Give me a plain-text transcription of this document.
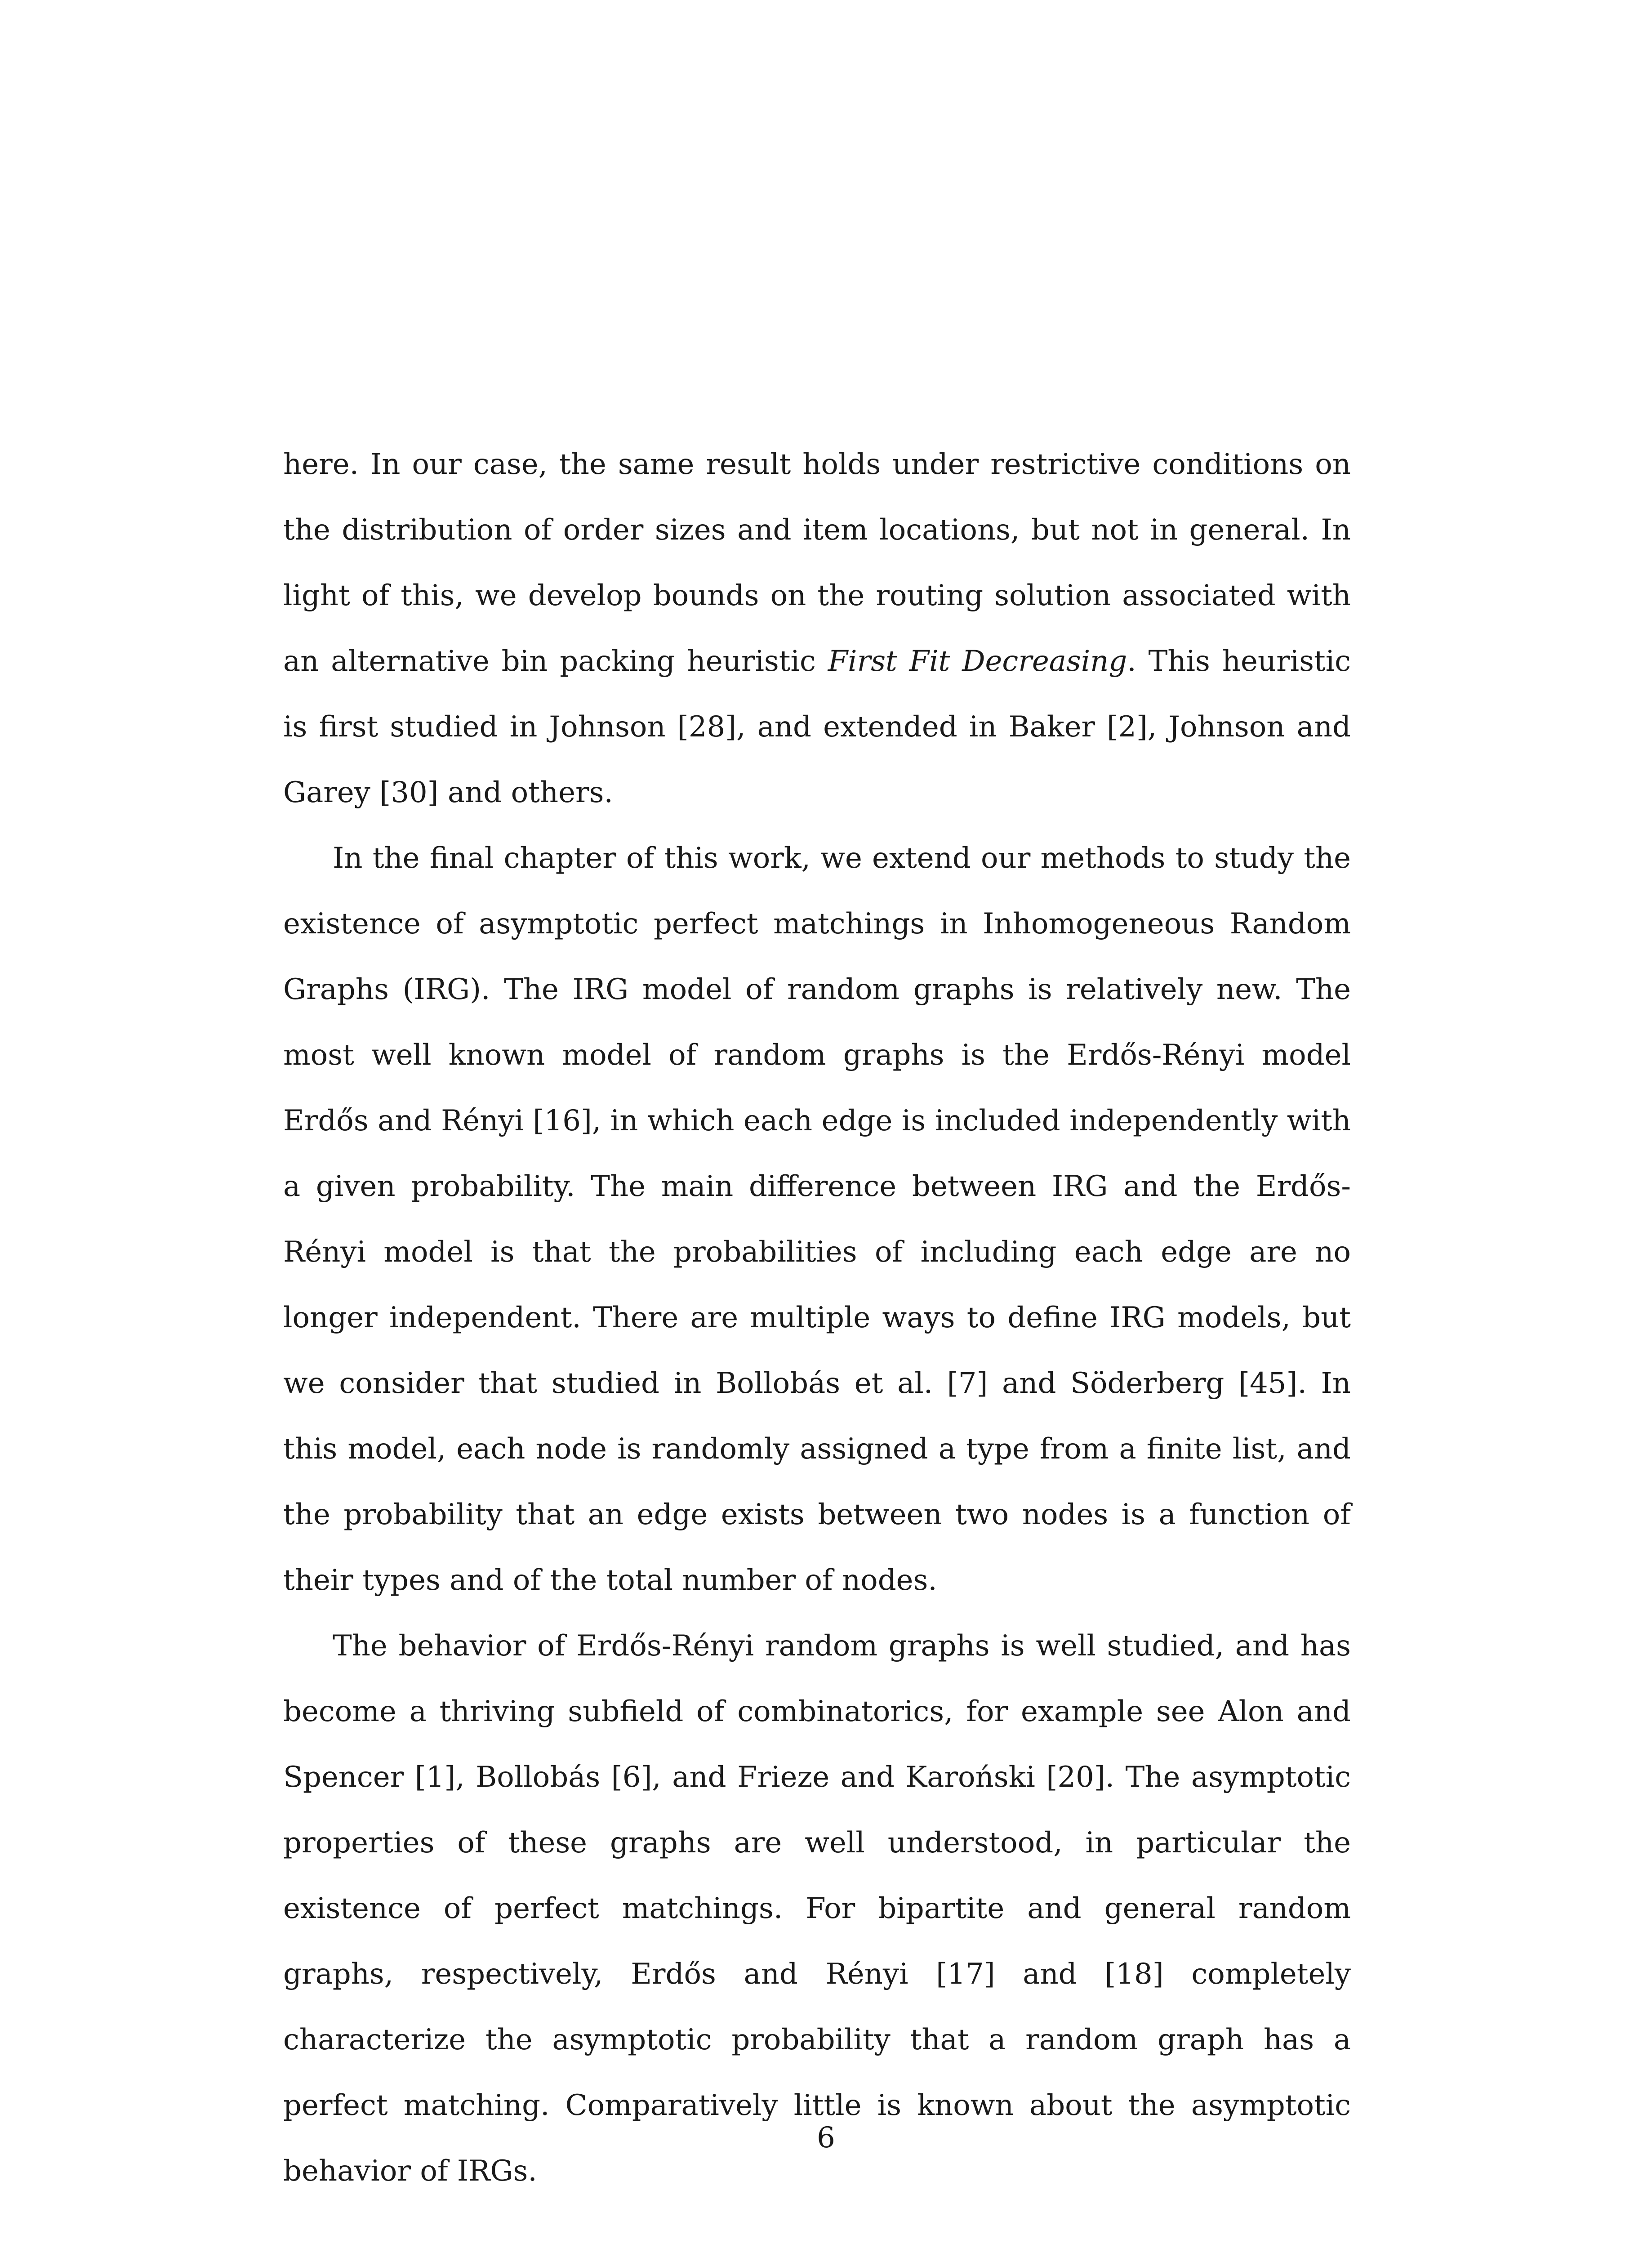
here. In our case, the same result holds under restrictive conditions on the distribution of order sizes and item locations, but not in general. In light of this, we develop bounds on the routing solution associated with an alternative bin packing heuristic First Fit Decreasing. This heuristic is first studied in Johnson [28], and extended in Baker [2], Johnson and Garey [30] and others.

In the final chapter of this work, we extend our methods to study the existence of asymptotic perfect matchings in Inhomogeneous Random Graphs (IRG). The IRG model of random graphs is relatively new. The most well known model of random graphs is the Erdős-Rényi model Erdős and Rényi [16], in which each edge is included independently with a given probability. The main difference between IRG and the Erdős-Rényi model is that the probabilities of including each edge are no longer independent. There are multiple ways to define IRG models, but we consider that studied in Bollobás et al. [7] and Söderberg [45]. In this model, each node is randomly assigned a type from a finite list, and the probability that an edge exists between two nodes is a function of their types and of the total number of nodes.

The behavior of Erdős-Rényi random graphs is well studied, and has become a thriving subfield of combinatorics, for example see Alon and Spencer [1], Bollobás [6], and Frieze and Karoński [20]. The asymptotic properties of these graphs are well understood, in particular the existence of perfect matchings. For bipartite and general random graphs, respectively, Erdős and Rényi [17] and [18] completely characterize the asymptotic probability that a random graph has a perfect matching. Comparatively little is known about the asymptotic behavior of IRGs.

6
